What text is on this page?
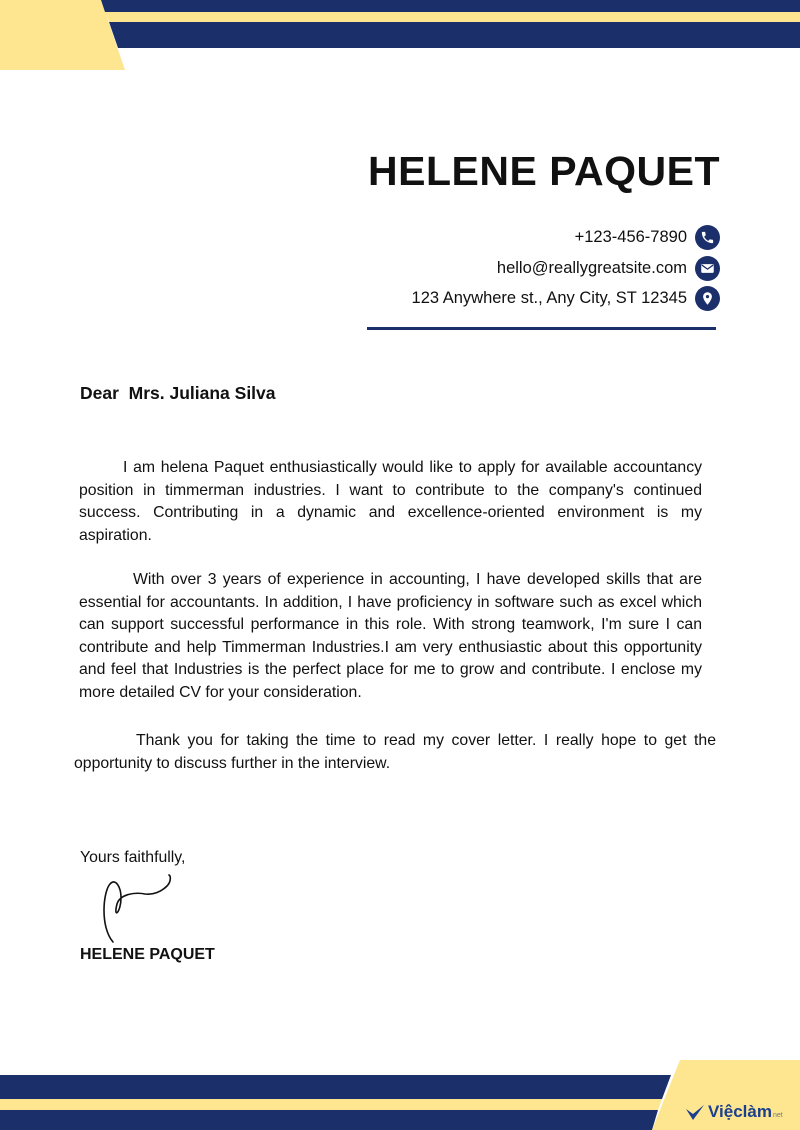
HELENE PAQUET
+123-456-7890
hello@reallygreatsite.com
123 Anywhere st., Any City, ST 12345
Dear  Mrs. Juliana Silva
I am helena Paquet enthusiastically would like to apply for available accountancy position in timmerman industries. I want to contribute to the company's continued success. Contributing in a dynamic and excellence-oriented environment is my aspiration.
With over 3 years of experience in accounting, I have developed skills that are essential for accountants. In addition, I have proficiency in software such as excel which can support successful performance in this role. With strong teamwork, I'm sure I can contribute and help Timmerman Industries.I am very enthusiastic about this opportunity and feel that Industries is the perfect place for me to grow and contribute. I enclose my more detailed CV for your consideration.
Thank you for taking the time to read my cover letter. I really hope to get the opportunity to discuss further in the interview.
Yours faithfully,
HELENE PAQUET
Việclàm net
